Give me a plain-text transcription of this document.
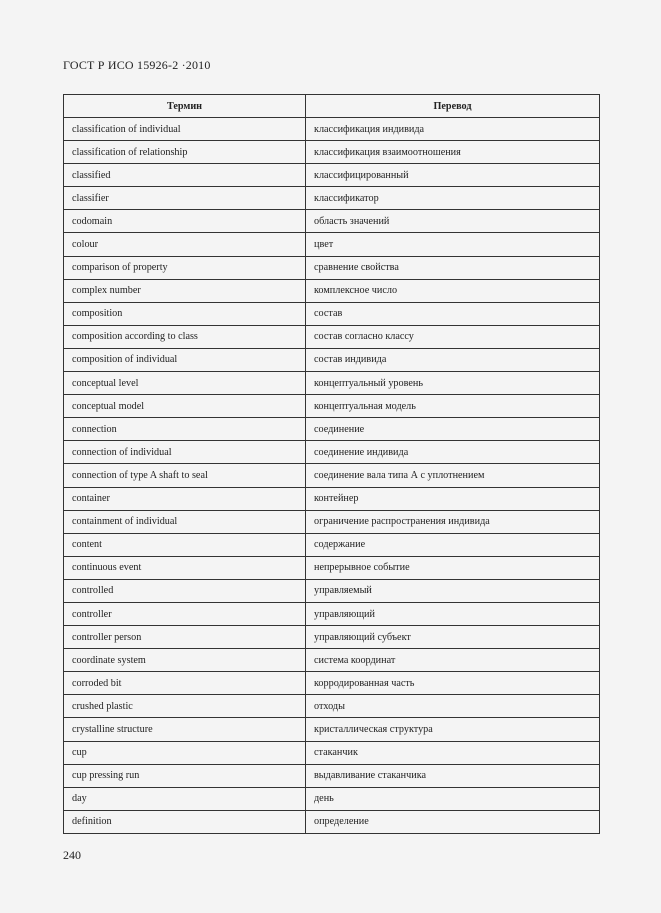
ГОСТ Р ИСО 15926-2 ·2010
Термин	Перевод
classification of individual	классификация индивида
classification of relationship	классификация взаимоотношения
classified	классифицированный
classifier	классификатор
codomain	область значений
colour	цвет
comparison of property	сравнение свойства
complex number	комплексное число
composition	состав
composition according to class	состав согласно классу
composition of individual	состав индивида
conceptual level	концептуальный уровень
conceptual model	концептуальная модель
connection	соединение
connection of individual	соединение индивида
connection of type A shaft to seal	соединение вала типа А с уплотнением
container	контейнер
containment of individual	ограничение распространения индивида
content	содержание
continuous event	непрерывное событие
controlled	управляемый
controller	управляющий
controller person	управляющий субъект
coordinate system	система координат
corroded bit	корродированная часть
crushed plastic	отходы
crystalline structure	кристаллическая структура
cup	стаканчик
cup pressing run	выдавливание стаканчика
day	день
definition	определение
240
